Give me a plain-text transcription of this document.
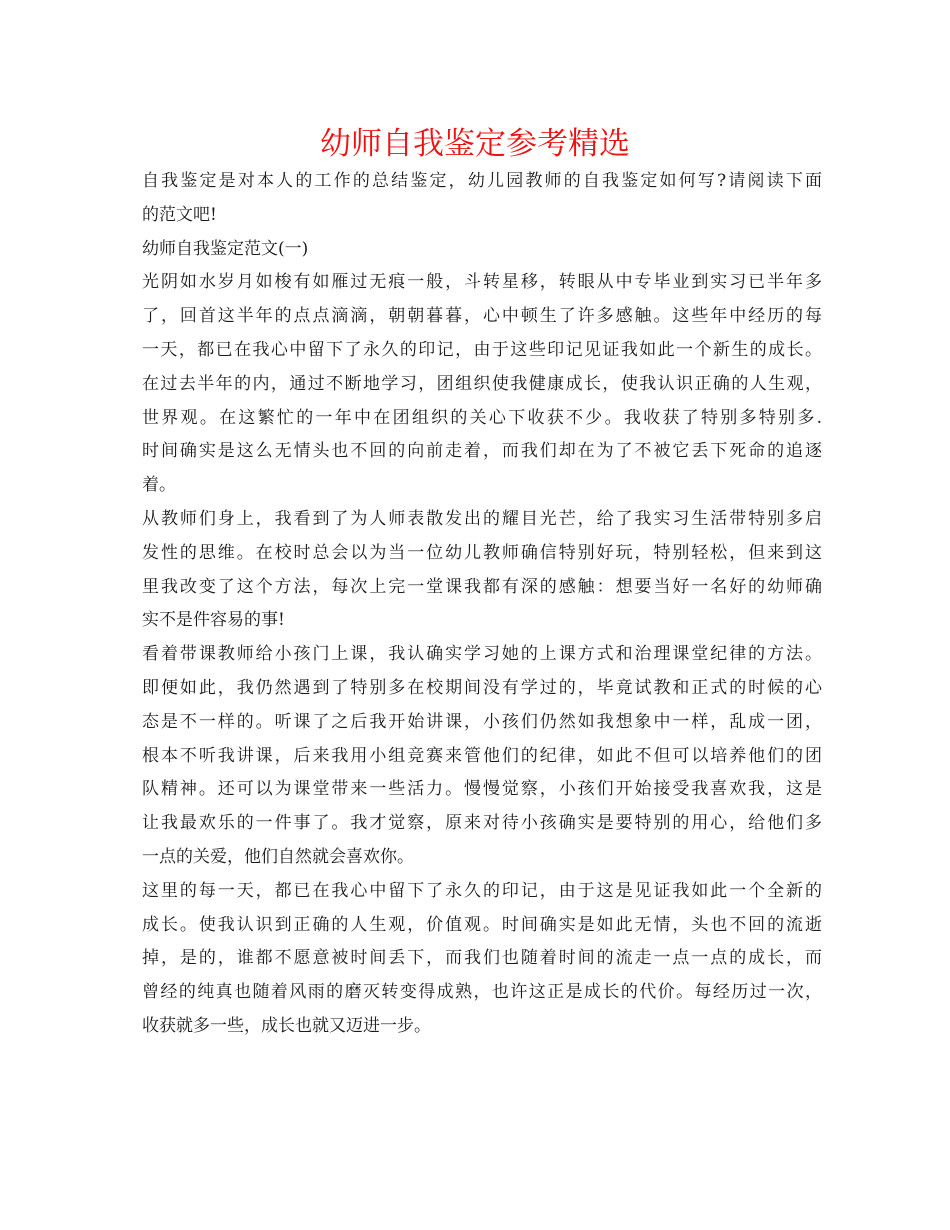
幼师自我鉴定参考精选
自我鉴定是对本人的工作的总结鉴定，幼儿园教师的自我鉴定如何写?请阅读下面
的范文吧!
幼师自我鉴定范文(一)
光阴如水岁月如梭有如雁过无痕一般，斗转星移，转眼从中专毕业到实习已半年多
了，回首这半年的点点滴滴，朝朝暮暮，心中顿生了许多感触。这些年中经历的每
一天，都已在我心中留下了永久的印记，由于这些印记见证我如此一个新生的成长。
在过去半年的内，通过不断地学习，团组织使我健康成长，使我认识正确的人生观，
世界观。在这繁忙的一年中在团组织的关心下收获不少。我收获了特别多特别多.
时间确实是这么无情头也不回的向前走着，而我们却在为了不被它丢下死命的追逐
着。
从教师们身上，我看到了为人师表散发出的耀目光芒，给了我实习生活带特别多启
发性的思维。在校时总会以为当一位幼儿教师确信特别好玩，特别轻松，但来到这
里我改变了这个方法，每次上完一堂课我都有深的感触：想要当好一名好的幼师确
实不是件容易的事!
看着带课教师给小孩门上课，我认确实学习她的上课方式和治理课堂纪律的方法。
即便如此，我仍然遇到了特别多在校期间没有学过的，毕竟试教和正式的时候的心
态是不一样的。听课了之后我开始讲课，小孩们仍然如我想象中一样，乱成一团，
根本不听我讲课，后来我用小组竞赛来管他们的纪律，如此不但可以培养他们的团
队精神。还可以为课堂带来一些活力。慢慢觉察，小孩们开始接受我喜欢我，这是
让我最欢乐的一件事了。我才觉察，原来对待小孩确实是要特别的用心，给他们多
一点的关爱，他们自然就会喜欢你。
这里的每一天，都已在我心中留下了永久的印记，由于这是见证我如此一个全新的
成长。使我认识到正确的人生观，价值观。时间确实是如此无情，头也不回的流逝
掉，是的，谁都不愿意被时间丢下，而我们也随着时间的流走一点一点的成长，而
曾经的纯真也随着风雨的磨灭转变得成熟，也许这正是成长的代价。每经历过一次，
收获就多一些，成长也就又迈进一步。
